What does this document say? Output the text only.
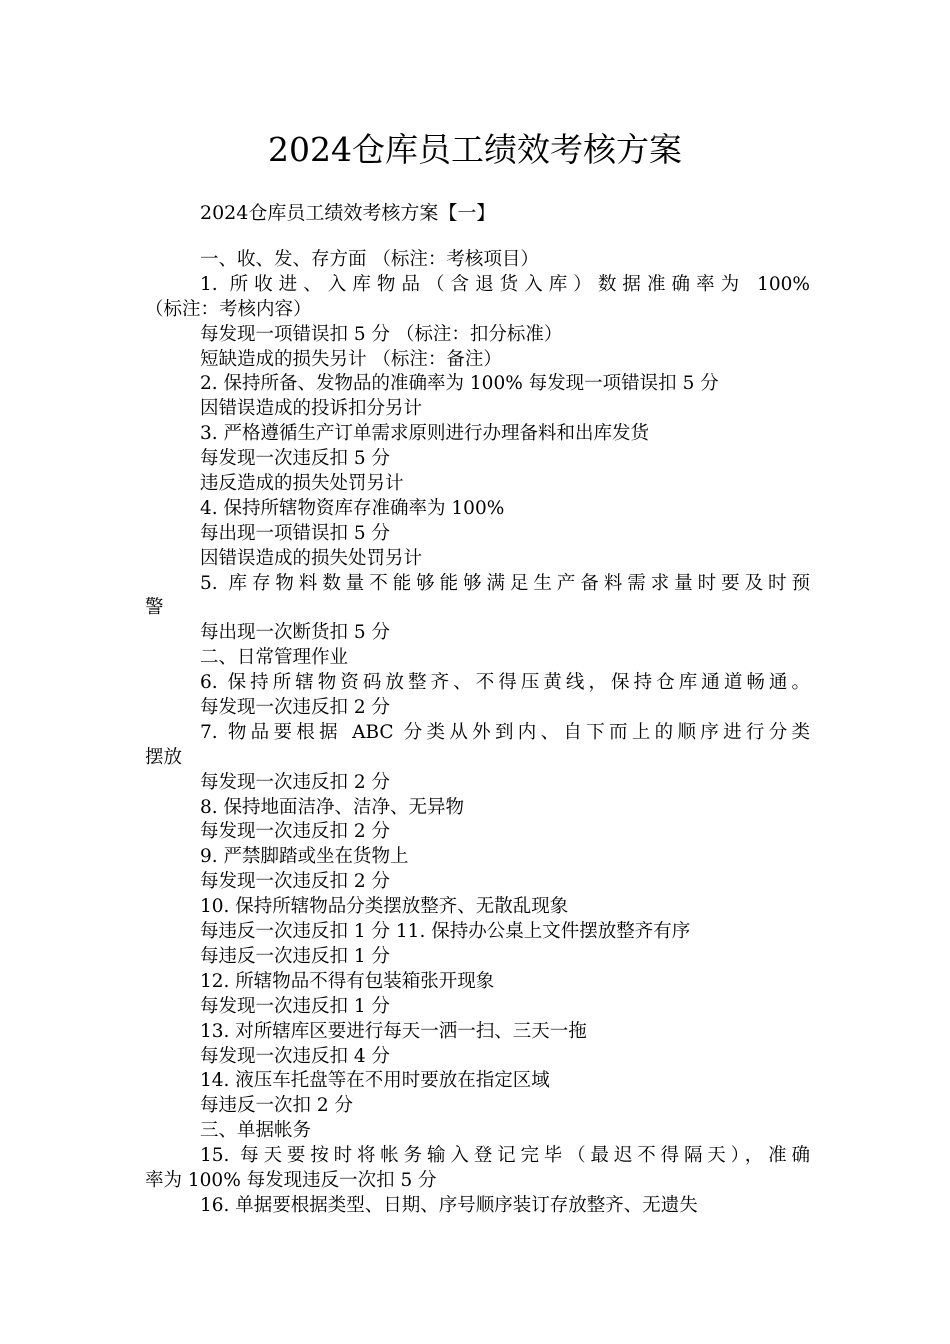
2024仓库员工绩效考核方案
2024仓库员工绩效考核方案【一】
一、收、发、存方面 （标注：考核项目）
1. 所收进、入库物品（含退货入库）数据准确率为 100%
（标注：考核内容）
每发现一项错误扣 5 分 （标注：扣分标准）
短缺造成的损失另计 （标注：备注）
2. 保持所备、发物品的准确率为 100% 每发现一项错误扣 5 分
因错误造成的投诉扣分另计
3. 严格遵循生产订单需求原则进行办理备料和出库发货
每发现一次违反扣 5 分
违反造成的损失处罚另计
4. 保持所辖物资库存准确率为 100%
每出现一项错误扣 5 分
因错误造成的损失处罚另计
5. 库存物料数量不能够能够满足生产备料需求量时要及时预
警
每出现一次断货扣 5 分
二、日常管理作业
6. 保持所辖物资码放整齐、不得压黄线，保持仓库通道畅通。
每发现一次违反扣 2 分
7. 物品要根据 ABC 分类从外到内、自下而上的顺序进行分类
摆放
每发现一次违反扣 2 分
8. 保持地面洁净、洁净、无异物
每发现一次违反扣 2 分
9. 严禁脚踏或坐在货物上
每发现一次违反扣 2 分
10. 保持所辖物品分类摆放整齐、无散乱现象
每违反一次违反扣 1 分 11. 保持办公桌上文件摆放整齐有序
每违反一次违反扣 1 分
12. 所辖物品不得有包装箱张开现象
每发现一次违反扣 1 分
13. 对所辖库区要进行每天一洒一扫、三天一拖
每发现一次违反扣 4 分
14. 液压车托盘等在不用时要放在指定区域
每违反一次扣 2 分
三、单据帐务
15. 每天要按时将帐务输入登记完毕（最迟不得隔天），准确
率为 100% 每发现违反一次扣 5 分
16. 单据要根据类型、日期、序号顺序装订存放整齐、无遗失
